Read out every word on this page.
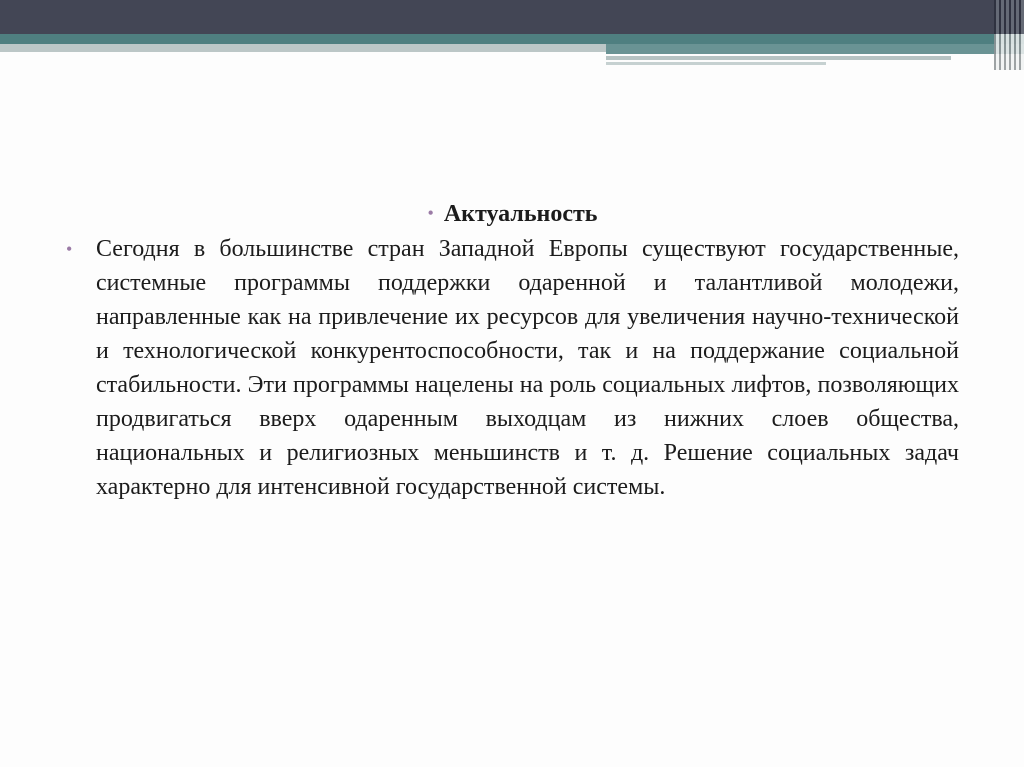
• Актуальность
• Сегодня в большинстве стран Западной Европы существуют государственные, системные программы поддержки одаренной и талантливой молодежи, направленные как на привлечение их ресурсов для увеличения научно-технической и технологической конкурентоспособности, так и на поддержание социальной стабильности. Эти программы нацелены на роль социальных лифтов, позволяющих продвигаться вверх одаренным выходцам из нижних слоев общества, национальных и религиозных меньшинств и т. д. Решение социальных задач характерно для интенсивной государственной системы.
